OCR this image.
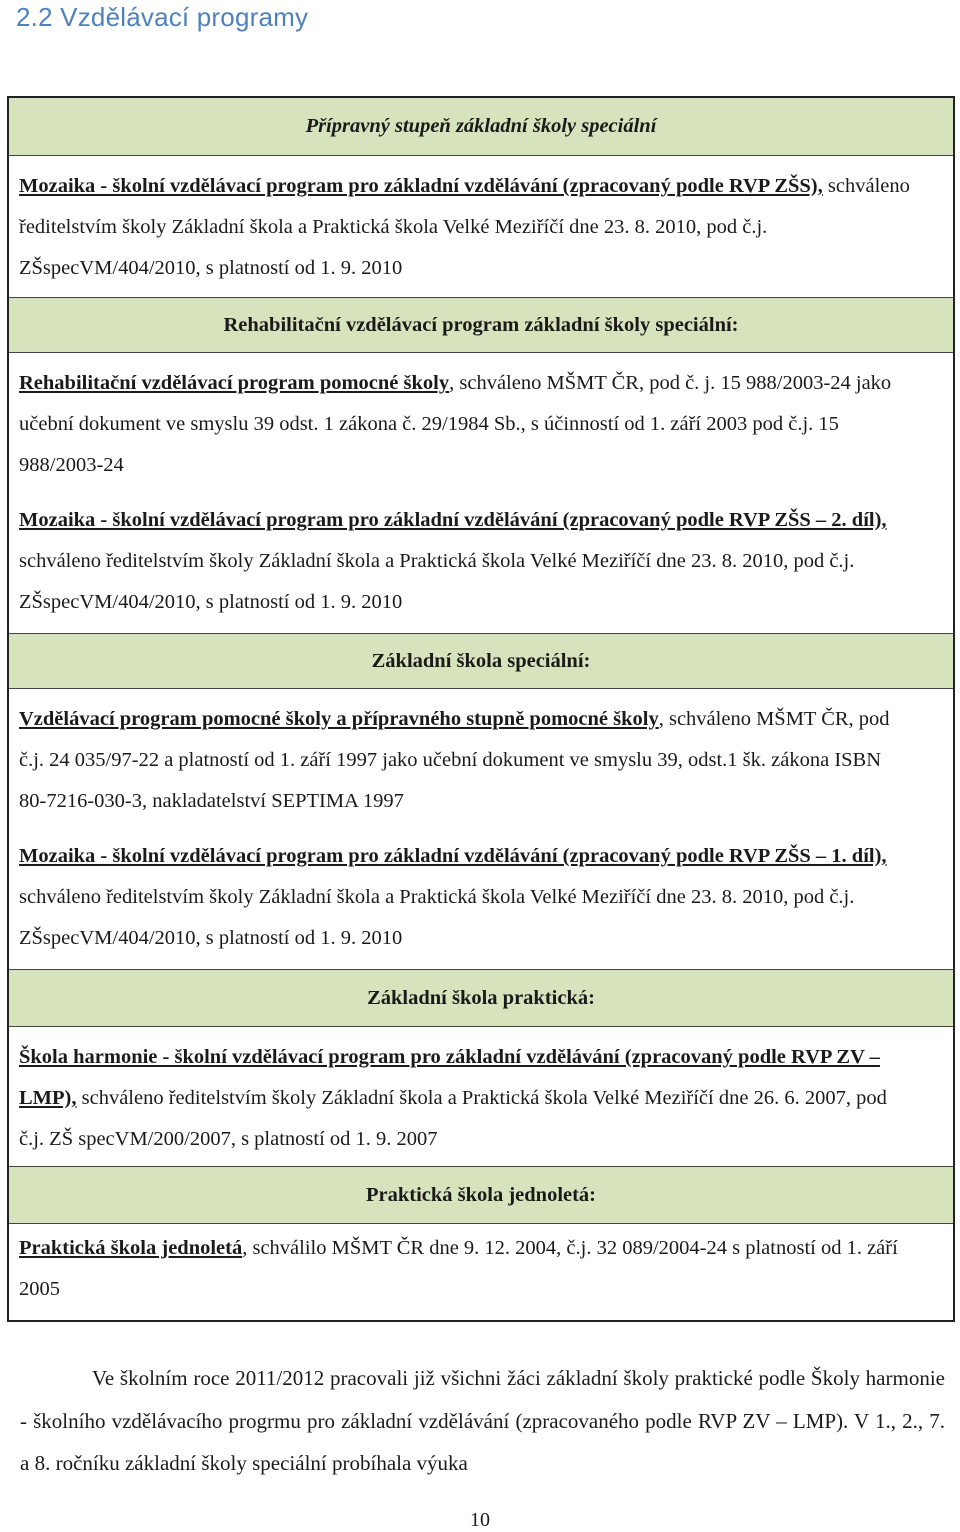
2.2 Vzdělávací programy
Přípravný stupeň základní školy speciální
Mozaika - školní vzdělávací program pro základní vzdělávání (zpracovaný podle RVP ZŠS), schváleno ředitelstvím školy Základní škola a Praktická škola Velké Meziříčí dne 23. 8. 2010, pod č.j. ZŠspecVM/404/2010, s platností od 1. 9. 2010
Rehabilitační vzdělávací program základní školy speciální:
Rehabilitační vzdělávací program pomocné školy, schváleno MŠMT ČR, pod č. j. 15 988/2003-24 jako učební dokument ve smyslu 39 odst. 1 zákona č. 29/1984 Sb., s účinností od 1. září 2003 pod č.j. 15 988/2003-24
Mozaika - školní vzdělávací program pro základní vzdělávání (zpracovaný podle RVP ZŠS – 2. díl), schváleno ředitelstvím školy Základní škola a Praktická škola Velké Meziříčí dne 23. 8. 2010, pod č.j. ZŠspecVM/404/2010, s platností od 1. 9. 2010
Základní škola speciální:
Vzdělávací program pomocné školy a přípravného stupně pomocné školy, schváleno MŠMT ČR, pod č.j. 24 035/97-22 a platností od 1. září 1997 jako učební dokument ve smyslu 39, odst.1 šk. zákona ISBN 80-7216-030-3, nakladatelství SEPTIMA 1997
Mozaika - školní vzdělávací program pro základní vzdělávání (zpracovaný podle RVP ZŠS – 1. díl), schváleno ředitelstvím školy Základní škola a Praktická škola Velké Meziříčí dne 23. 8. 2010, pod č.j. ZŠspecVM/404/2010, s platností od 1. 9. 2010
Základní škola praktická:
Škola harmonie - školní vzdělávací program pro základní vzdělávání (zpracovaný podle RVP ZV – LMP), schváleno ředitelstvím školy Základní škola a Praktická škola Velké Meziříčí dne 26. 6. 2007, pod č.j. ZŠ specVM/200/2007, s platností od 1. 9. 2007
Praktická škola jednoletá:
Praktická škola jednoletá, schválilo MŠMT ČR dne 9. 12. 2004, č.j. 32 089/2004-24 s platností od 1. září 2005
Ve školním roce 2011/2012 pracovali již všichni žáci základní školy praktické podle Školy harmonie - školního vzdělávacího progrmu pro základní vzdělávání (zpracovaného podle RVP ZV – LMP). V 1., 2., 7. a 8. ročníku základní školy speciální probíhala výuka
10
